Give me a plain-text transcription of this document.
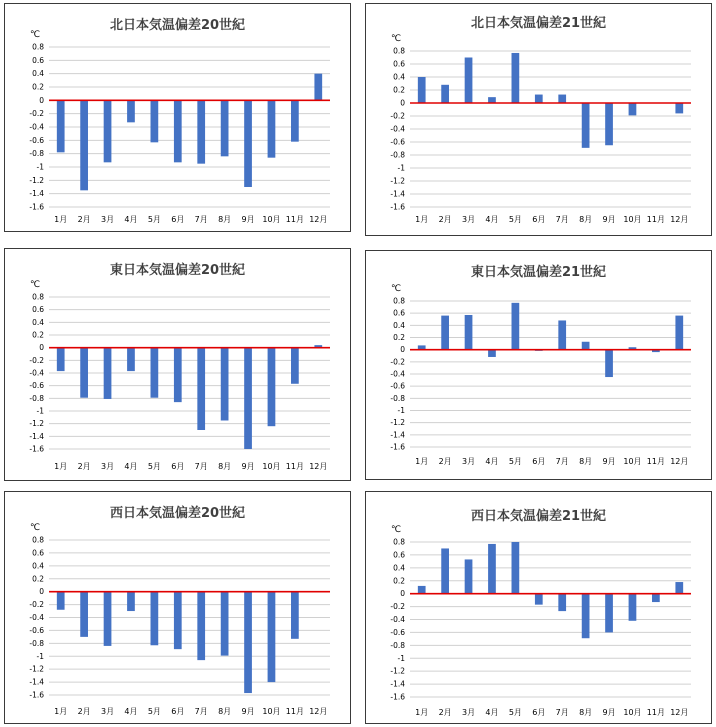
北日本気温偏差20世紀
℃
0.8
0.6
0.4
0.2
0
-0.2
-0.4
-0.6
-0.8
-1
-1.2
-1.4
-1.6
1月 2月 3月 4月 5月 6月 7月 8月 9月 10月 11月 12月
北日本気温偏差21世紀
℃
0.8
0.6
0.4
0.2
0
-0.2
-0.4
-0.6
-0.8
-1
-1.2
-1.4
-1.6
1月 2月 3月 4月 5月 6月 7月 8月 9月 10月 11月 12月
東日本気温偏差20世紀
℃
0.8
0.6
0.4
0.2
0
-0.2
-0.4
-0.6
-0.8
-1
-1.2
-1.4
-1.6
1月 2月 3月 4月 5月 6月 7月 8月 9月 10月 11月 12月
東日本気温偏差21世紀
℃
0.8
0.6
0.4
0.2
0
-0.2
-0.4
-0.6
-0.8
-1
-1.2
-1.4
-1.6
1月 2月 3月 4月 5月 6月 7月 8月 9月 10月 11月 12月
西日本気温偏差20世紀
℃
0.8
0.6
0.4
0.2
0
-0.2
-0.4
-0.6
-0.8
-1
-1.2
-1.4
-1.6
1月 2月 3月 4月 5月 6月 7月 8月 9月 10月 11月 12月
西日本気温偏差21世紀
℃
0.8
0.6
0.4
0.2
0
-0.2
-0.4
-0.6
-0.8
-1
-1.2
-1.4
-1.6
1月 2月 3月 4月 5月 6月 7月 8月 9月 10月 11月 12月
